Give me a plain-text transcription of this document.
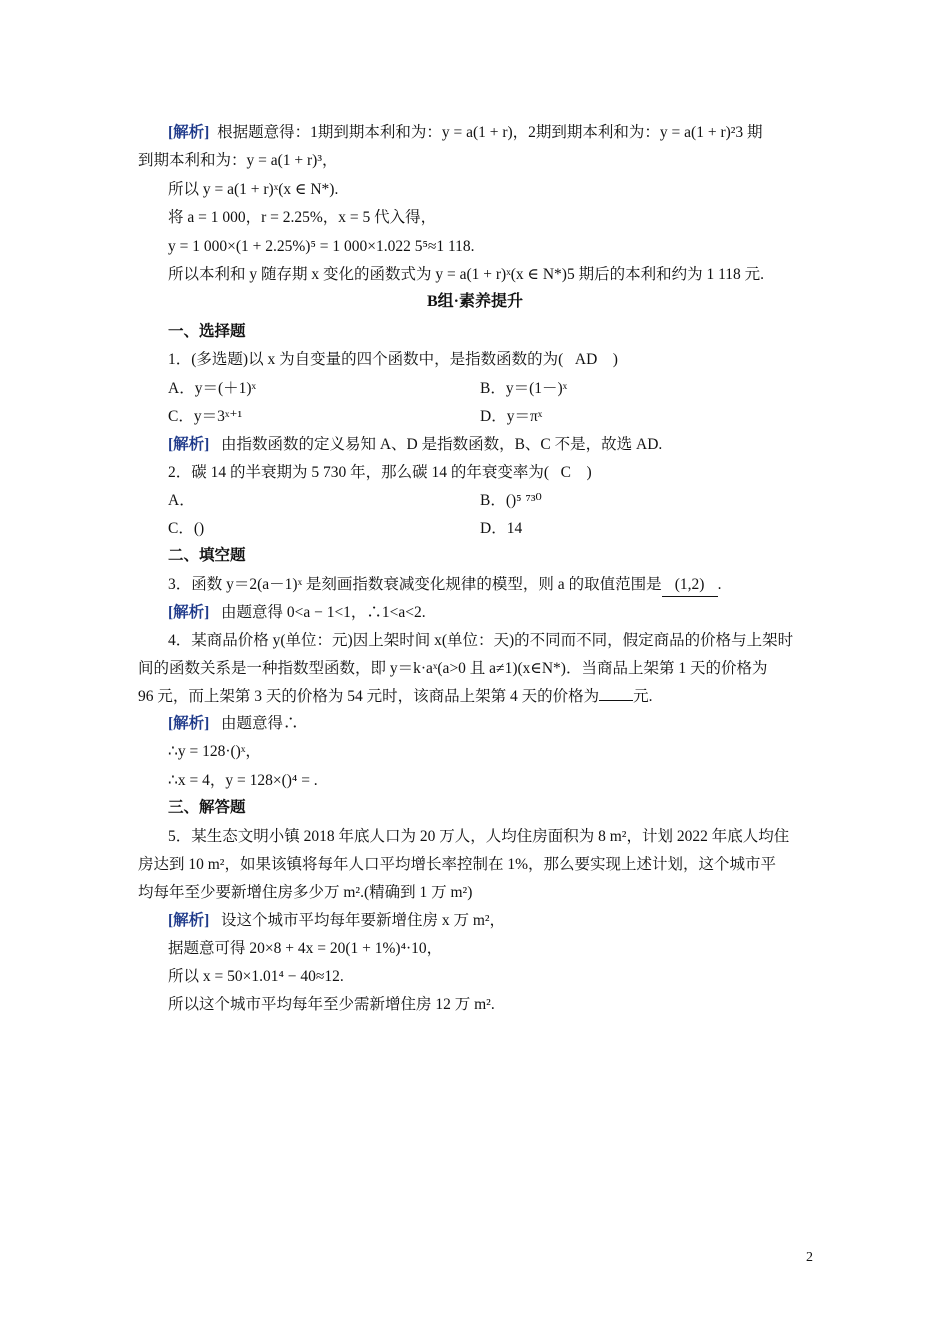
[解析] 根据题意得：1期到期本利和为：y = a(1 + r)，2期到期本利和为：y = a(1 + r)²3 期
到期本利和为：y = a(1 + r)³，
所以 y = a(1 + r)ˣ(x ∈ N*).
将 a = 1 000，r = 2.25%，x = 5 代入得，
y = 1 000×(1 + 2.25%)⁵ = 1 000×1.022 5⁵≈1 118.
所以本利和 y 随存期 x 变化的函数式为 y = a(1 + r)ˣ(x ∈ N*)5 期后的本利和约为 1 118 元.
B组·素养提升
一、选择题
1．(多选题)以 x 为自变量的四个函数中，是指数函数的为( AD )
A．y＝(＋1)ˣ	B．y＝(1－)ˣ
C．y＝3ˣ⁺¹	D．y＝πˣ
[解析] 由指数函数的定义易知 A、D 是指数函数，B、C 不是，故选 AD.
2．碳 14 的半衰期为 5 730 年，那么碳 14 的年衰变率为( C )
A．	B．()⁵ ⁷³⁰
C．()	D．14
二、填空题
3．函数 y＝2(a－1)ˣ 是刻画指数衰减变化规律的模型，则 a 的取值范围是 (1,2) .
[解析] 由题意得 0<a − 1<1，∴1<a<2.
4．某商品价格 y(单位：元)因上架时间 x(单位：天)的不同而不同，假定商品的价格与上架时
间的函数关系是一种指数型函数，即 y＝k·aˣ(a>0 且 a≠1)(x∈N*)．当商品上架第 1 天的价格为
96 元，而上架第 3 天的价格为 54 元时，该商品上架第 4 天的价格为 元.
[解析] 由题意得∴
∴y = 128·()ˣ，
∴x = 4，y = 128×()⁴ = .
三、解答题
5．某生态文明小镇 2018 年底人口为 20 万人，人均住房面积为 8 m²，计划 2022 年底人均住
房达到 10 m²，如果该镇将每年人口平均增长率控制在 1%，那么要实现上述计划，这个城市平
均每年至少要新增住房多少万 m².(精确到 1 万 m²)
[解析] 设这个城市平均每年要新增住房 x 万 m²，
据题意可得 20×8 + 4x = 20(1 + 1%)⁴·10，
所以 x = 50×1.01⁴ − 40≈12.
所以这个城市平均每年至少需新增住房 12 万 m².
2
